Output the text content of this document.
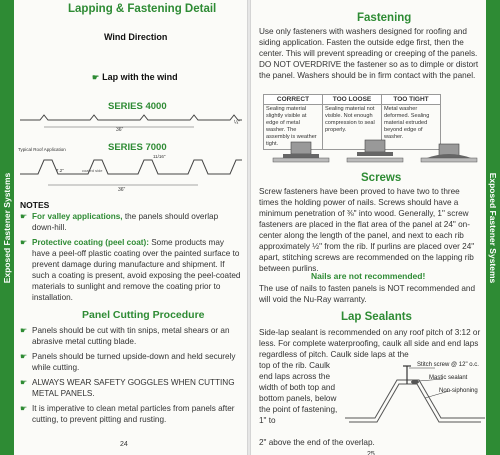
Exposed Fastener Systems
Lapping & Fastening Detail
Wind Direction
☛ Lap with the wind
SERIES 4000
36"
¼"
Typical Roof Application	SERIES 7000
36"
7.2"
11/16"
coated side
NOTES
☛ For valley applications, the panels should overlap down-hill.
☛ Protective coating (peel coat): Some products may have a peel-off plastic coating over the painted surface to prevent damage during manufacture and shipment. If such a coating is present, avoid exposing the peel-coated materials to sunlight and remove the coating prior to installation.
Panel Cutting Procedure
☛ Panels should be cut with tin snips, metal shears or an abrasive metal cutting blade.
☛ Panels should be turned upside-down and held securely while cutting.
☛ ALWAYS WEAR SAFETY GOGGLES WHEN CUTTING METAL PANELS.
☛ It is imperative to clean metal particles from panels after cutting, to prevent pitting and rusting.
24
Exposed Fastener Systems
Fastening
Use only fasteners with washers designed for roofing and siding application. Fasten the outside edge first, then the center. This will prevent spreading or creeping of the panels. DO NOT OVERDRIVE the fastener so as to dimple or distort the panel. Washers should be in firm contact with the panel.
CORRECT	TOO LOOSE	TOO TIGHT
Sealing material slightly visible at edge of metal washer. The assembly is weather tight.	Sealing material not visible. Not enough compression to seal properly.	Metal washer deformed. Sealing material extruded beyond edge of washer.
Screws
Screw fasteners have been proved to have two to three times the holding power of nails. Screws should have a minimum penetration of ⅜" into wood. Generally, 1" screw fasteners are placed in the flat area of the panel at 24" on-center along the length of the panel, and next to each rib approximately ½" from the rib. If purlins are placed over 24" apart, stitching screws are recommended on the lapping rib between purlins.
Nails are not recommended!
The use of nails to fasten panels is NOT recommended and will void the Nu-Ray warranty.
Lap Sealants
Side-lap sealant is recommended on any roof pitch of 3:12 or less. For complete waterproofing, caulk all side and end laps regardless of pitch. Caulk side laps at the
top of the rib. Caulk end laps across the width of both top and bottom panels, below the point of fastening, 1" to
2" above the end of the overlap.
Stitch screw @ 12" o.c.
Mastic sealant
Non-siphoning
25
